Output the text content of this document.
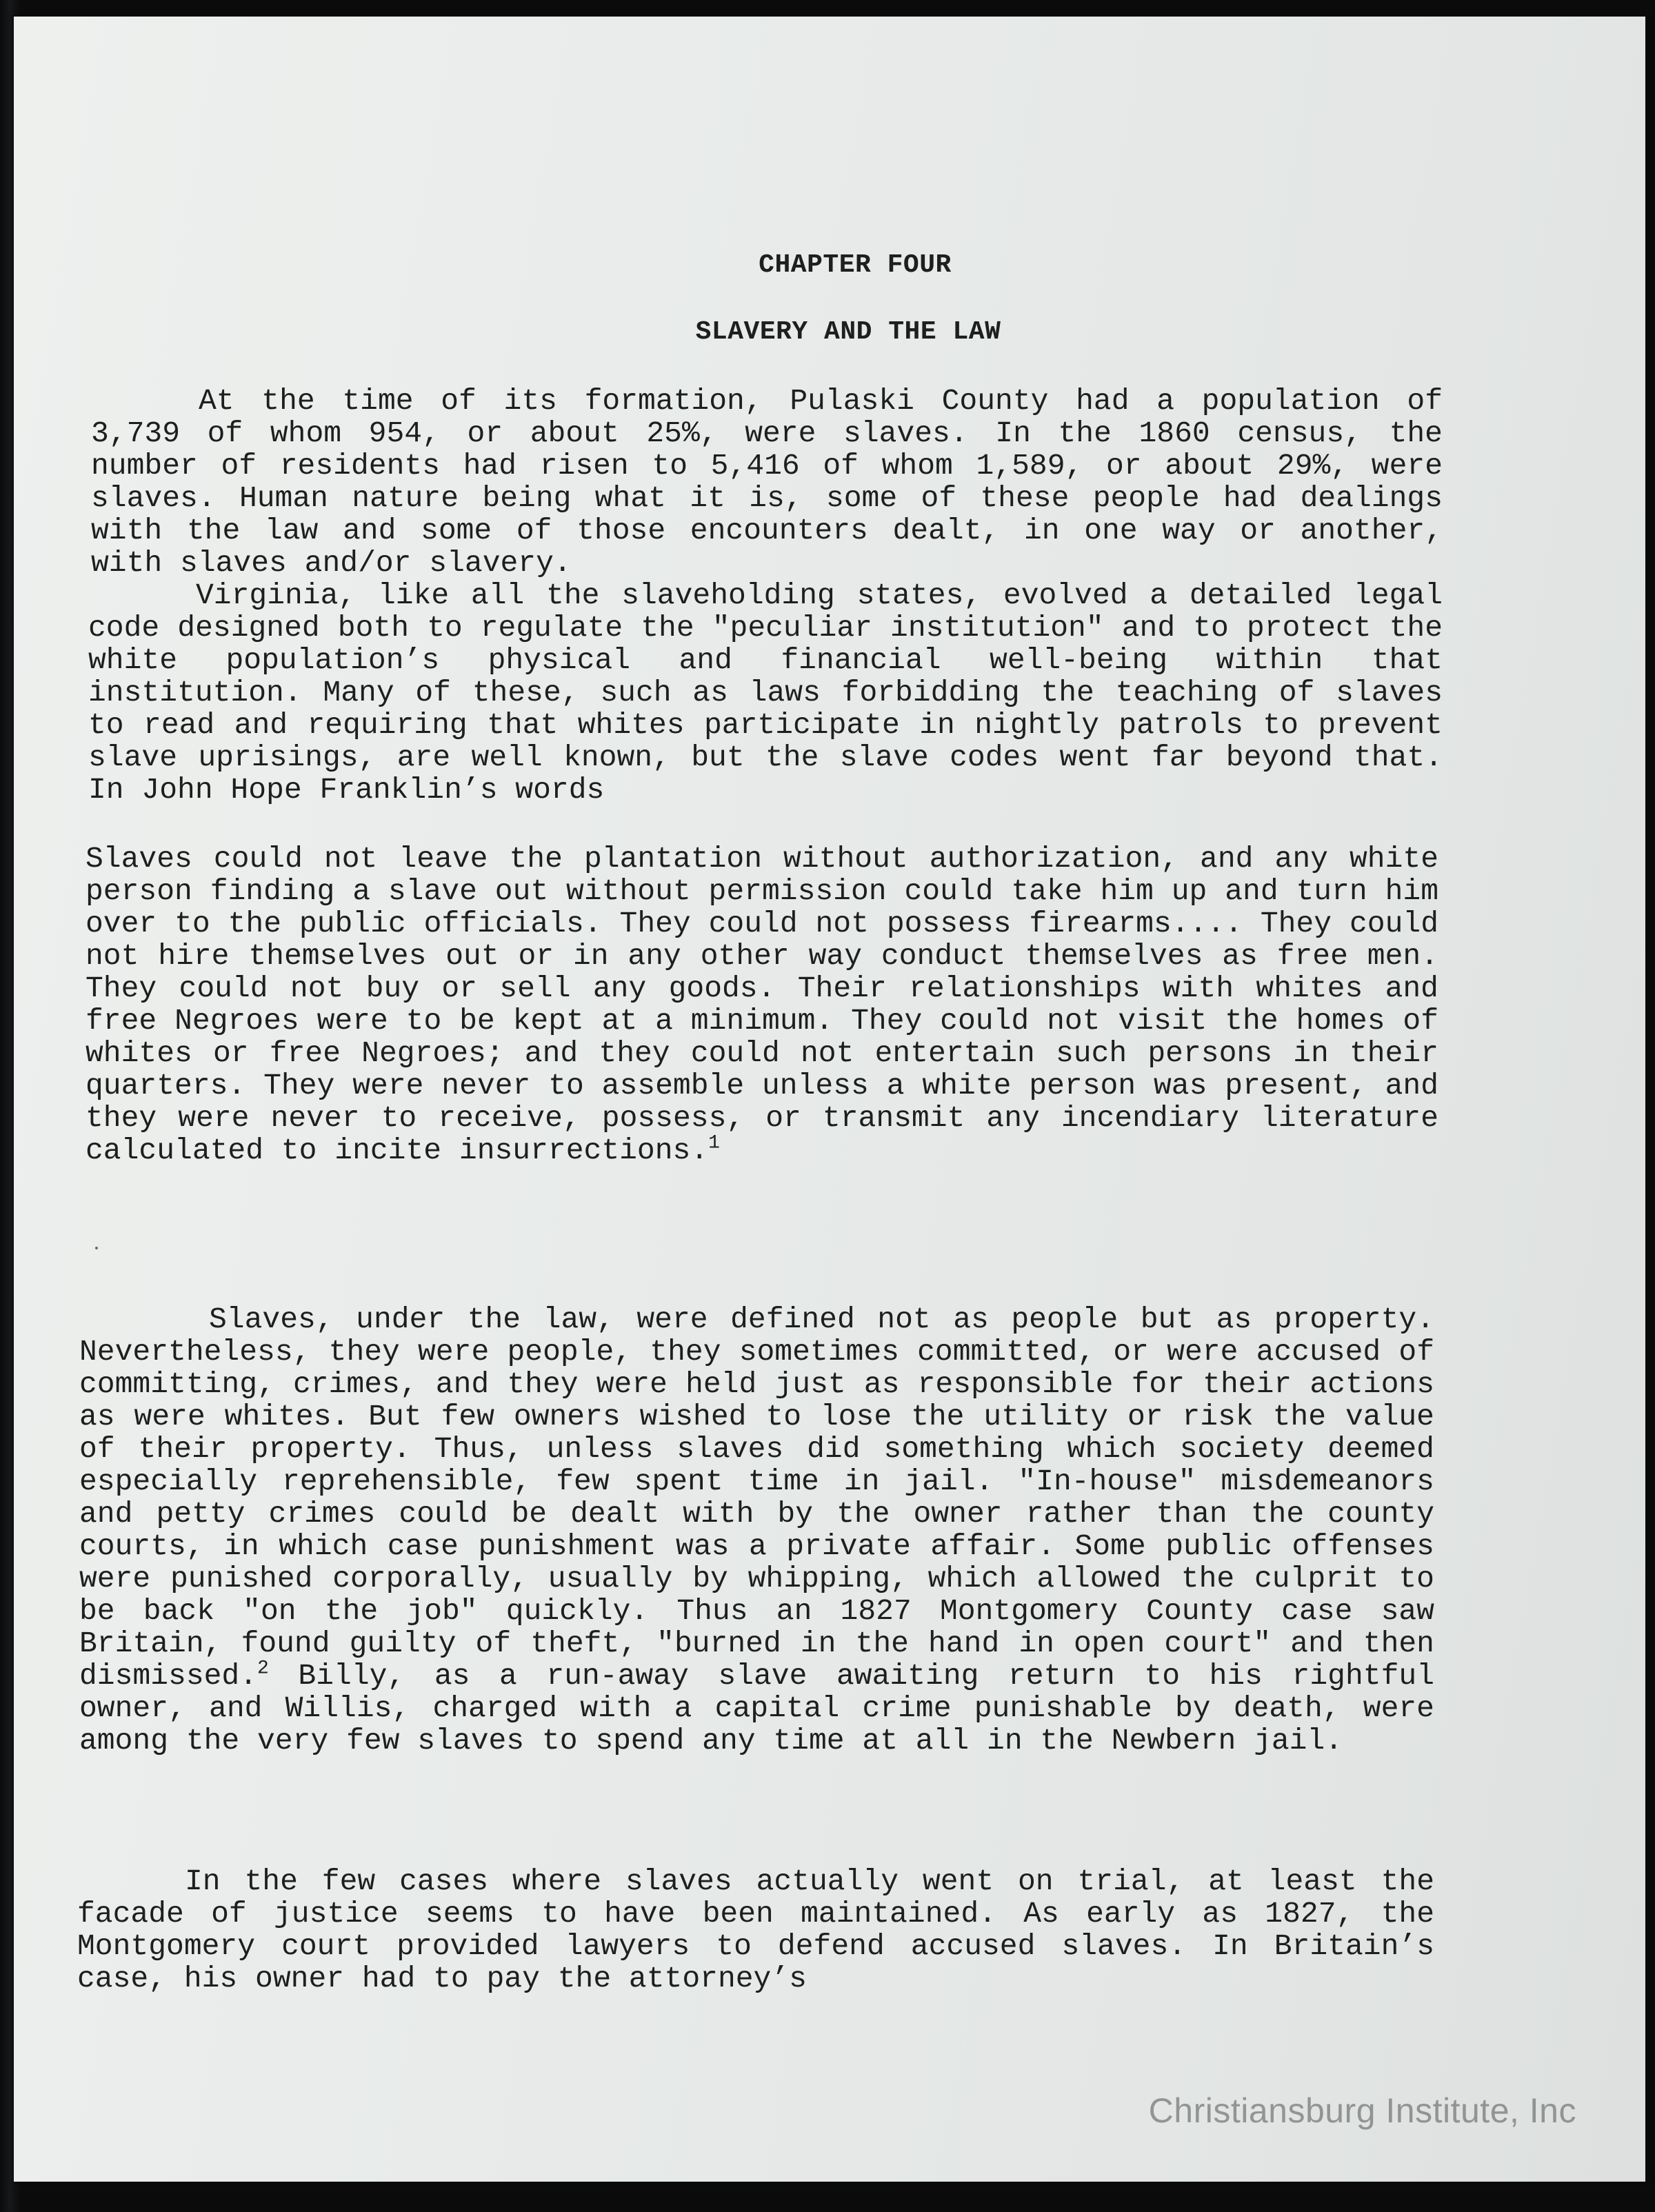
CHAPTER FOUR
SLAVERY AND THE LAW

At the time of its formation, Pulaski County had a population of 3,739 of whom 954, or about 25%, were slaves. In the 1860 census, the number of residents had risen to 5,416 of whom 1,589, or about 29%, were slaves. Human nature being what it is, some of these people had dealings with the law and some of those encounters dealt, in one way or another, with slaves and/or slavery.

Virginia, like all the slaveholding states, evolved a detailed legal code designed both to regulate the "peculiar institution" and to protect the white population’s physical and financial well-being within that institution. Many of these, such as laws forbidding the teaching of slaves to read and requiring that whites participate in nightly patrols to prevent slave uprisings, are well known, but the slave codes went far beyond that. In John Hope Franklin’s words

Slaves could not leave the plantation without authorization, and any white person finding a slave out without permission could take him up and turn him over to the public officials. They could not possess firearms.... They could not hire themselves out or in any other way conduct themselves as free men. They could not buy or sell any goods. Their relationships with whites and free Negroes were to be kept at a minimum. They could not visit the homes of whites or free Negroes; and they could not entertain such persons in their quarters. They were never to assemble unless a white person was present, and they were never to receive, possess, or transmit any incendiary literature calculated to incite insurrections.$^1$

Slaves, under the law, were defined not as people but as property. Nevertheless, they were people, they sometimes committed, or were accused of committing, crimes, and they were held just as responsible for their actions as were whites. But few owners wished to lose the utility or risk the value of their property. Thus, unless slaves did something which society deemed especially reprehensible, few spent time in jail. "In-house" misdemeanors and petty crimes could be dealt with by the owner rather than the county courts, in which case punishment was a private affair. Some public offenses were punished corporally, usually by whipping, which allowed the culprit to be back "on the job" quickly. Thus an 1827 Montgomery County case saw Britain, found guilty of theft, "burned in the hand in open court" and then dismissed.$^2$ Billy, as a run-away slave awaiting return to his rightful owner, and Willis, charged with a capital crime punishable by death, were among the very few slaves to spend any time at all in the Newbern jail.

In the few cases where slaves actually went on trial, at least the facade of justice seems to have been maintained. As early as 1827, the Montgomery court provided lawyers to defend accused slaves. In Britain’s case, his owner had to pay the attorney’s

Christiansburg Institute, Inc
